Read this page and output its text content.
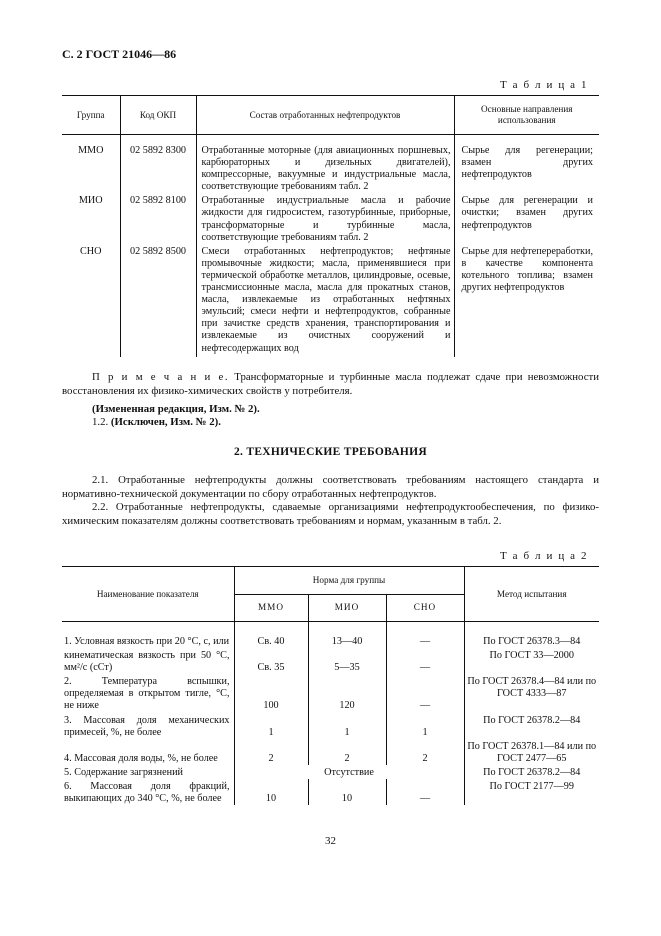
С. 2 ГОСТ 21046—86
Т а б л и ц а 1
Группа	Код ОКП	Состав отработанных нефтепродуктов	Основные направления использования
ММО	02 5892 8300	Отработанные моторные (для авиационных поршневых, карбюраторных и дизельных двигателей), компрессорные, вакуумные и индустриальные масла, соответствующие требованиям табл. 2	Сырье для регенерации; взамен других нефтепродуктов
МИО	02 5892 8100	Отработанные индустриальные масла и рабочие жидкости для гидросистем, газотурбинные, приборные, трансформаторные и турбинные масла, соответствующие требованиям табл. 2	Сырье для регенерации и очистки; взамен других нефтепродуктов
СНО	02 5892 8500	Смеси отработанных нефтепродуктов; нефтяные промывочные жидкости; масла, применявшиеся при термической обработке металлов, цилиндровые, осевые, трансмиссионные масла, масла для прокатных станов, масла, извлекаемые из отработанных нефтяных эмульсий; смеси нефти и нефтепродуктов, собранные при зачистке средств хранения, транспортирования и извлекаемые из очистных сооружений и нефтесодержащих вод	Сырье для нефтепереработки, в качестве компонента котельного топлива; взамен других нефтепродуктов
П р и м е ч а н и е. Трансформаторные и турбинные масла подлежат сдаче при невозможности восстановления их физико-химических свойств у потребителя.
(Измененная редакция, Изм. № 2).
1.2. (Исключен, Изм. № 2).
2. ТЕХНИЧЕСКИЕ ТРЕБОВАНИЯ
2.1. Отработанные нефтепродукты должны соответствовать требованиям настоящего стандарта и нормативно-технической документации по сбору отработанных нефтепродуктов.
2.2. Отработанные нефтепродукты, сдаваемые организациями нефтепродуктообеспечения, по физико-химическим показателям должны соответствовать требованиям и нормам, указанным в табл. 2.
Т а б л и ц а 2
Наименование показателя	Норма для группы			Метод испытания
	ММО	МИО	СНО	
1. Условная вязкость при 20 °C, с, или	Св. 40	13—40	—	По ГОСТ 26378.3—84
кинематическая вязкость при 50 °C, мм²/с (сСт)	Св. 35	5—35	—	По ГОСТ 33—2000
2. Температура вспышки, определяемая в открытом тигле, °C, не ниже	100	120	—	По ГОСТ 26378.4—84 или по ГОСТ 4333—87
3. Массовая доля механических примесей, %, не более	1	1	1	По ГОСТ 26378.2—84
4. Массовая доля воды, %, не более	2	2	2	По ГОСТ 26378.1—84 или по ГОСТ 2477—65
5. Содержание загрязнений	Отсутствие			По ГОСТ 26378.2—84
6. Массовая доля фракций, выкипающих до 340 °C, %, не более	10	10	—	По ГОСТ 2177—99
32
